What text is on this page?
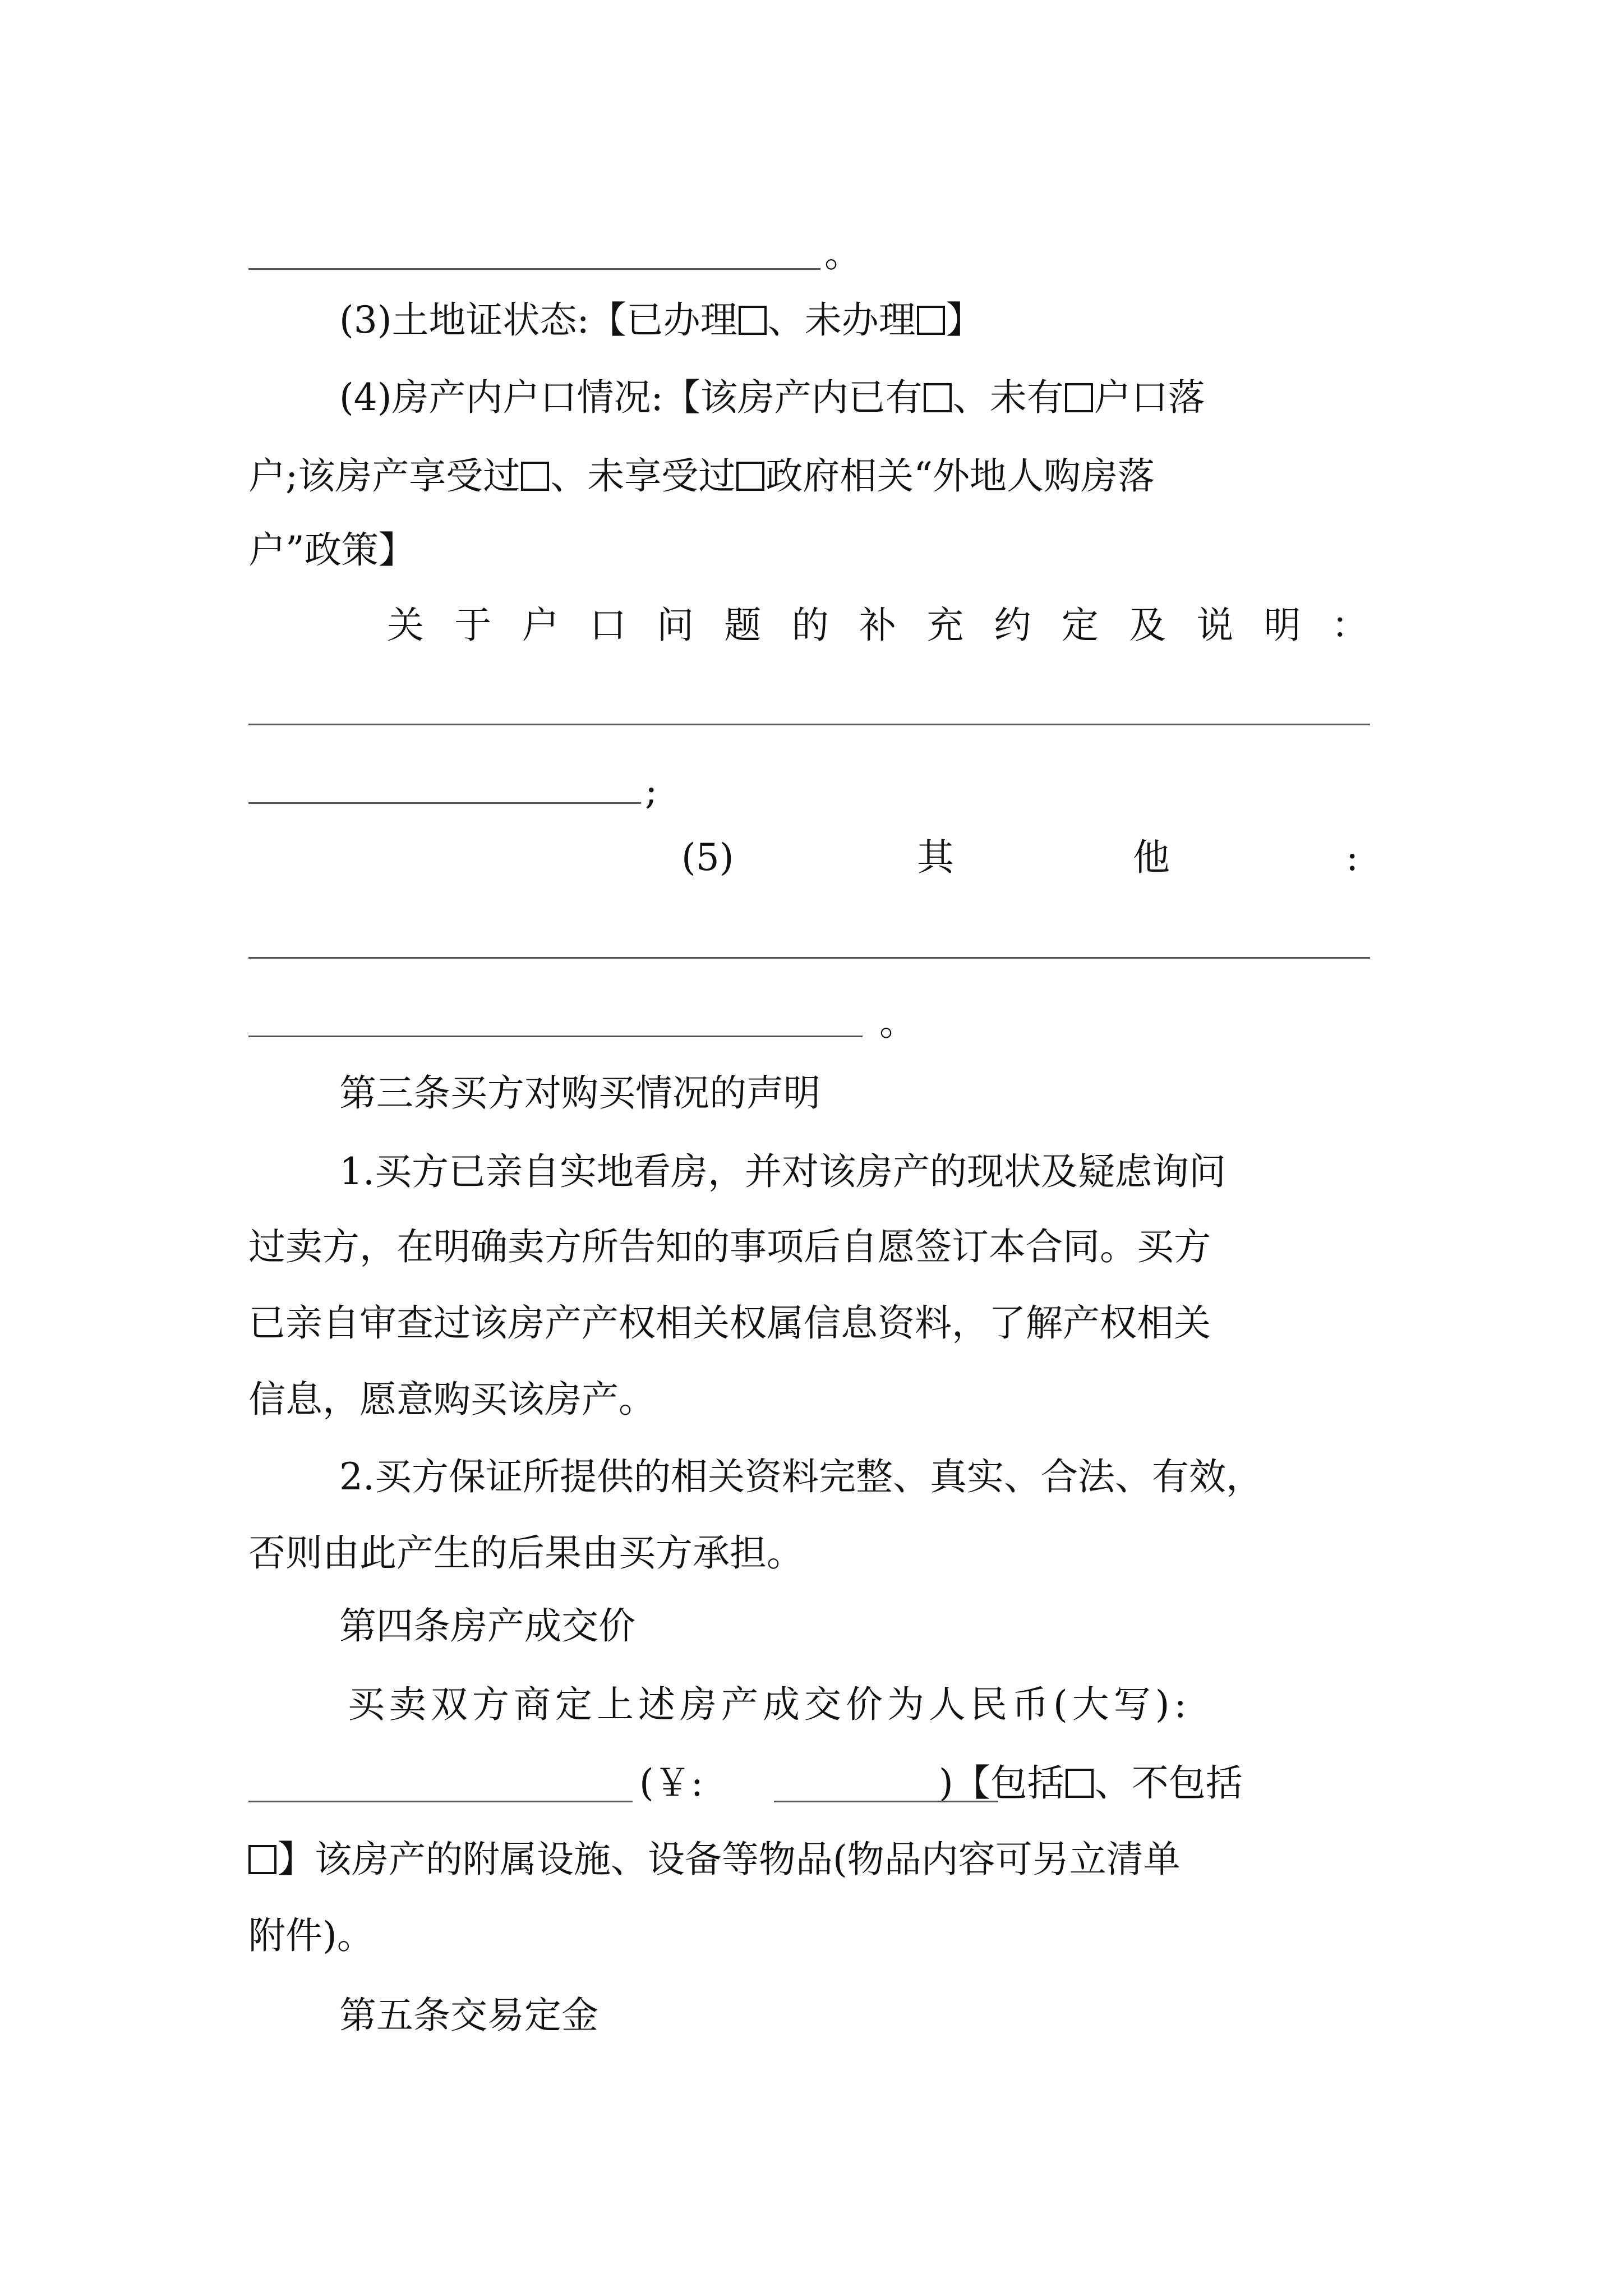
。
(3)土地证状态:【已办理 、未办理 】
(4)房产内户口情况:【该房产内已有 、未有 户口落
户;该房产享受过 、未享受过 政府相关“外地人购房落
户”政策】
关 于 户 口 问 题 的 补 充 约 定 及 说 明 ：
;
(5)	其	他	:
。
第三条买方对购买情况的声明
1.买方已亲自实地看房，并对该房产的现状及疑虑询问
过卖方，在明确卖方所告知的事项后自愿签订本合同。买方
已亲自审查过该房产产权相关权属信息资料，了解产权相关
信息，愿意购买该房产。
2.买方保证所提供的相关资料完整、真实、合法、有效，
否则由此产生的后果由买方承担。
第四条房产成交价
买卖双方商定上述房产成交价为人民币(大写):
(￥:	)【包括 、不包括
】该房产的附属设施、设备等物品(物品内容可另立清单
附件)。
第五条交易定金
